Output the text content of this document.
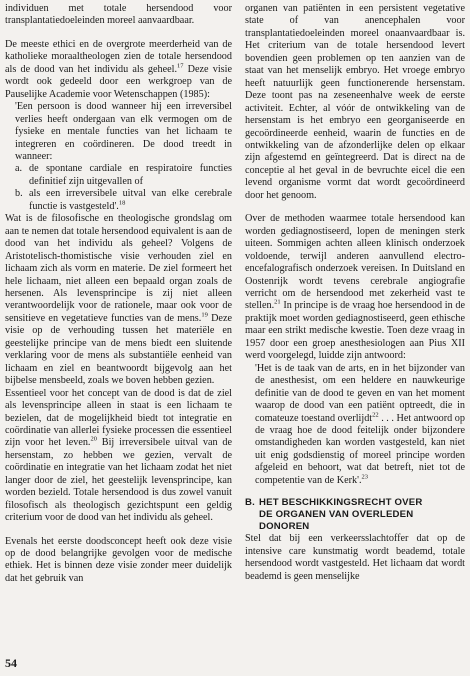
individuen met totale hersendood voor transplantatiedoeleinden moreel aanvaardbaar.

De meeste ethici en de overgrote meerderheid van de katholieke moraaltheologen zien de totale hersendood als de dood van het individu als geheel.$^{17}$ Deze visie wordt ook gedeeld door een werkgroep van de Pauselijke Academie voor Wetenschappen (1985):

'Een persoon is dood wanneer hij een irreversibel verlies heeft ondergaan van elk vermogen om de fysieke en mentale functies van het lichaam te integreren en coördineren. De dood treedt in wanneer:

a. de spontane cardiale en respiratoire functies definitief zijn uitgevallen of
b. als een irreversibele uitval van elke cerebrale functie is vastgesteld'.$^{18}$

Wat is de filosofische en theologische grondslag om aan te nemen dat totale hersendood equivalent is aan de dood van het individu als geheel? Volgens de Aristotelisch-thomistische visie verhouden ziel en lichaam zich als vorm en materie. De ziel formeert het hele lichaam, niet alleen een bepaald organ zoals de hersenen. Als levensprincipe is zij niet alleen verantwoordelijk voor de rationele, maar ook voor de sensitieve en vegetatieve functies van de mens.$^{19}$ Deze visie op de verhouding tussen het materiële en geestelijke principe van de mens biedt een sluitende verklaring voor de mens als substantiële eenheid van lichaam en ziel en beantwoordt bijgevolg aan het bijbelse mensbeeld, zoals we boven hebben gezien.

Essentieel voor het concept van de dood is dat de ziel als levensprincipe alleen in staat is een lichaam te bezielen, dat de mogelijkheid biedt tot integratie en coördinatie van allerlei fysieke processen die essentieel zijn voor het leven.$^{20}$ Bij irreversibele uitval van de hersenstam, zo hebben we gezien, vervalt de coördinatie en integratie van het lichaam zodat het niet langer door de ziel, het geestelijk levensprincipe, kan worden bezield. Totale hersendood is dus zowel vanuit filosofisch als theologisch gezichtspunt een geldig criterium voor de dood van het individu als geheel.

Evenals het eerste doodsconcept heeft ook deze visie op de dood belangrijke gevolgen voor de medische ethiek. Het is binnen deze visie zonder meer duidelijk dat het gebruik van

organen van patiënten in een persistent vegetative state of van anencephalen voor transplantatiedoeleinden moreel onaanvaardbaar is. Het criterium van de totale hersendood levert bovendien geen problemen op ten aanzien van de staat van het menselijk embryo. Het vroege embryo heeft natuurlijk geen functionerende hersenstam. Deze toont pas na zeseneenhalve week de eerste activiteit. Echter, al vóór de ontwikkeling van de hersenstam is het embryo een georganiseerde en gecoördineerde eenheid, waarin de functies en de ontwikkeling van de afzonderlijke delen op elkaar zijn afgestemd en geïntegreerd. Dat is direct na de conceptie al het geval in de bevruchte eicel die een levend organisme vormt dat wordt gecoördineerd door het genoom.

Over de methoden waarmee totale hersendood kan worden gediagnostiseerd, lopen de meningen sterk uiteen. Sommigen achten alleen klinisch onderzoek voldoende, terwijl anderen aanvullend electro-encefalografisch onderzoek vereisen. In Duitsland en Oostenrijk wordt tevens cerebrale angiografie verricht om de hersendood met zekerheid vast te stellen.$^{21}$ In principe is de vraag hoe hersendood in de praktijk moet worden gediagnostiseerd, geen ethische maar een strikt medische kwestie. Toen deze vraag in 1957 door een groep anesthesiologen aan Pius XII werd voorgelegd, luidde zijn antwoord:

'Het is de taak van de arts, en in het bijzonder van de anesthesist, om een heldere en nauwkeurige definitie van de dood te geven en van het moment waarop de dood van een patiënt optreedt, die in comateuze toestand overlijdt$^{22}$ . . . Het antwoord op de vraag hoe de dood feitelijk onder bijzondere omstandigheden kan worden vastgesteld, kan niet uit enig godsdienstig of moreel principe worden afgeleid en behoort, wat dat betreft, niet tot de competentie van de Kerk'.$^{23}$

B. HET BESCHIKKINGSRECHT OVER
DE ORGANEN VAN OVERLEDEN
DONOREN

Stel dat bij een verkeersslachtoffer dat op de intensive care kunstmatig wordt beademd, totale hersendood wordt vastgesteld. Het lichaam dat wordt beademd is geen menselijke

54
